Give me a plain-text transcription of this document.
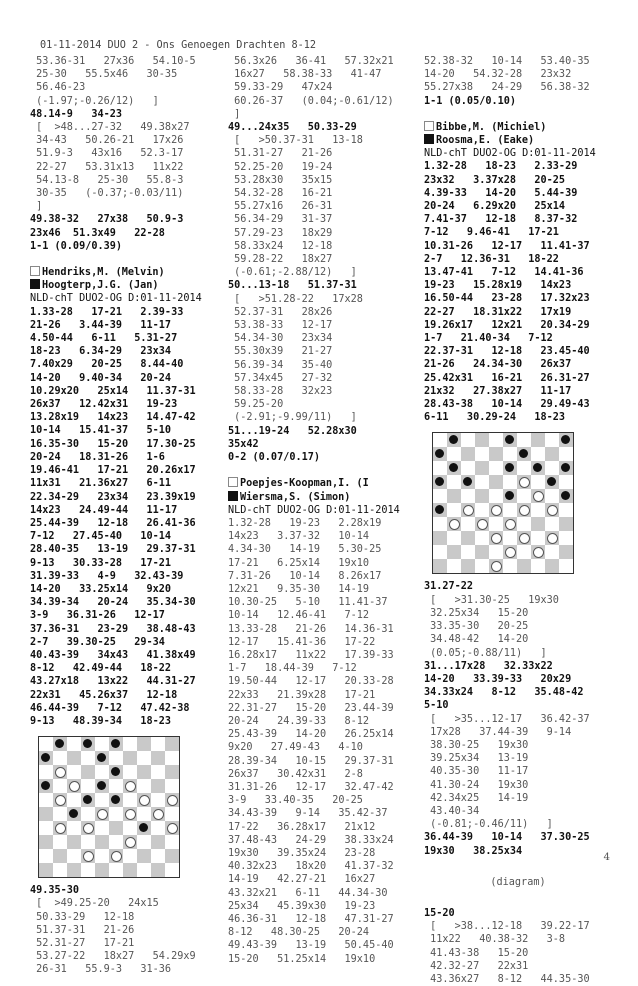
01-11-2014 DUO 2 - Ons Genoegen Drachten 8-12
53.36-31   27x36   54.10-5
25-30   55.5x46   30-35
56.46-23
(-1.97;-0.26/12)   ]
48.14-9   34-23
[  >48...27-32   49.38x27
34-43   50.26-21   17x26
51.9-3   43x16   52.3-17
22-27   53.31x13   11x22
54.13-8   25-30   55.8-3
30-35   (-0.37;-0.03/11)
]
49.38-32   27x38   50.9-3
23x46  51.3x49   22-28
1-1 (0.09/0.39)
Hendriks,M. (Melvin)
Hoogterp,J.G. (Jan)
NLD-chT DUO2-OG D:01-11-2014
1.33-28   17-21   2.39-33
21-26   3.44-39   11-17
4.50-44   6-11   5.31-27
18-23   6.34-29   23x34
7.40x29   20-25   8.44-40
14-20   9.40-34   20-24
10.29x20   25x14   11.37-31
26x37   12.42x31   19-23
13.28x19   14x23   14.47-42
10-14   15.41-37   5-10
16.35-30   15-20   17.30-25
20-24   18.31-26   1-6
19.46-41   17-21   20.26x17
11x31   21.36x27   6-11
22.34-29   23x34   23.39x19
14x23   24.49-44   11-17
25.44-39   12-18   26.41-36
7-12   27.45-40   10-14
28.40-35   13-19   29.37-31
9-13   30.33-28   17-21
31.39-33   4-9   32.43-39
14-20   33.25x14   9x20
34.39-34   20-24   35.34-30
3-9   36.31-26   12-17
37.36-31   23-29   38.48-43
2-7   39.30-25   29-34
40.43-39   34x43   41.38x49
8-12   42.49-44   18-22
43.27x18   13x22   44.31-27
22x31   45.26x37   12-18
46.44-39   7-12   47.42-38
9-13   48.39-34   18-23
49.35-30
[  >49.25-20   24x15
50.33-29   12-18
51.37-31   21-26
52.31-27   17-21
53.27-22   18x27   54.29x9
26-31   55.9-3   31-36
56.3x26   36-41   57.32x21
16x27   58.38-33   41-47
59.33-29   47x24
60.26-37   (0.04;-0.61/12)
]
49...24x35   50.33-29
[   >50.37-31   13-18
51.31-27   21-26
52.25-20   19-24
53.28x30   35x15
54.32-28   16-21
55.27x16   26-31
56.34-29   31-37
57.29-23   18x29
58.33x24   12-18
59.28-22   18x27
(-0.61;-2.88/12)   ]
50...13-18   51.37-31
[   >51.28-22   17x28
52.37-31   28x26
53.38-33   12-17
54.34-30   23x34
55.30x39   21-27
56.39-34   35-40
57.34x45   27-32
58.33-28   32x23
59.25-20
(-2.91;-9.99/11)   ]
51...19-24   52.28x30
35x42
0-2 (0.07/0.17)
Poepjes-Koopman,I. (I
Wiersma,S. (Simon)
NLD-chT DUO2-OG D:01-11-2014
1.32-28   19-23   2.28x19
14x23   3.37-32   10-14
4.34-30   14-19   5.30-25
17-21   6.25x14   19x10
7.31-26   10-14   8.26x17
12x21   9.35-30   14-19
10.30-25   5-10   11.41-37
10-14   12.46-41   7-12
13.33-28   21-26   14.36-31
12-17   15.41-36   17-22
16.28x17   11x22   17.39-33
1-7   18.44-39   7-12
19.50-44   12-17   20.33-28
22x33   21.39x28   17-21
22.31-27   15-20   23.44-39
20-24   24.39-33   8-12
25.43-39   14-20   26.25x14
9x20   27.49-43   4-10
28.39-34   10-15   29.37-31
26x37   30.42x31   2-8
31.31-26   12-17   32.47-42
3-9   33.40-35   20-25
34.43-39   9-14   35.42-37
17-22   36.28x17   21x12
37.48-43   24-29   38.33x24
19x30   39.35x24   23-28
40.32x23   18x20   41.37-32
14-19   42.27-21   16x27
43.32x21   6-11   44.34-30
25x34   45.39x30   19-23
46.36-31   12-18   47.31-27
8-12   48.30-25   20-24
49.43-39   13-19   50.45-40
15-20   51.25x14   19x10
52.38-32   10-14   53.40-35
14-20   54.32-28   23x32
55.27x38   24-29   56.38-32
1-1 (0.05/0.10)
Bibbe,M. (Michiel)
Roosma,E. (Eake)
NLD-chT DUO2-OG D:01-11-2014
1.32-28   18-23   2.33-29
23x32   3.37x28   20-25
4.39-33   14-20   5.44-39
20-24   6.29x20   25x14
7.41-37   12-18   8.37-32
7-12   9.46-41   17-21
10.31-26   12-17   11.41-37
2-7   12.36-31   18-22
13.47-41   7-12   14.41-36
19-23   15.28x19   14x23
16.50-44   23-28   17.32x23
22-27   18.31x22   17x19
19.26x17   12x21   20.34-29
1-7   21.40-34   7-12
22.37-31   12-18   23.45-40
21-26   24.34-30   26x37
25.42x31   16-21   26.31-27
21x32   27.38x27   11-17
28.43-38   10-14   29.49-43
6-11   30.29-24   18-23
31.27-22
[   >31.30-25   19x30
32.25x34   15-20
33.35-30   20-25
34.48-42   14-20
(0.05;-0.88/11)   ]
31...17x28   32.33x22
14-20   33.39-33   20x29
34.33x24   8-12   35.48-42
5-10
[   >35...12-17   36.42-37
17x28   37.44-39   9-14
38.30-25   19x30
39.25x34   13-19
40.35-30   11-17
41.30-24   19x30
42.34x25   14-19
43.40-34
(-0.81;-0.46/11)   ]
36.44-39   10-14   37.30-25
19x30   38.25x34
(diagram)
15-20
[   >38...12-18   39.22-17
11x22   40.38-32   3-8
41.43-38   15-20
42.32-27   22x31
43.36x27   8-12   44.35-30
4
